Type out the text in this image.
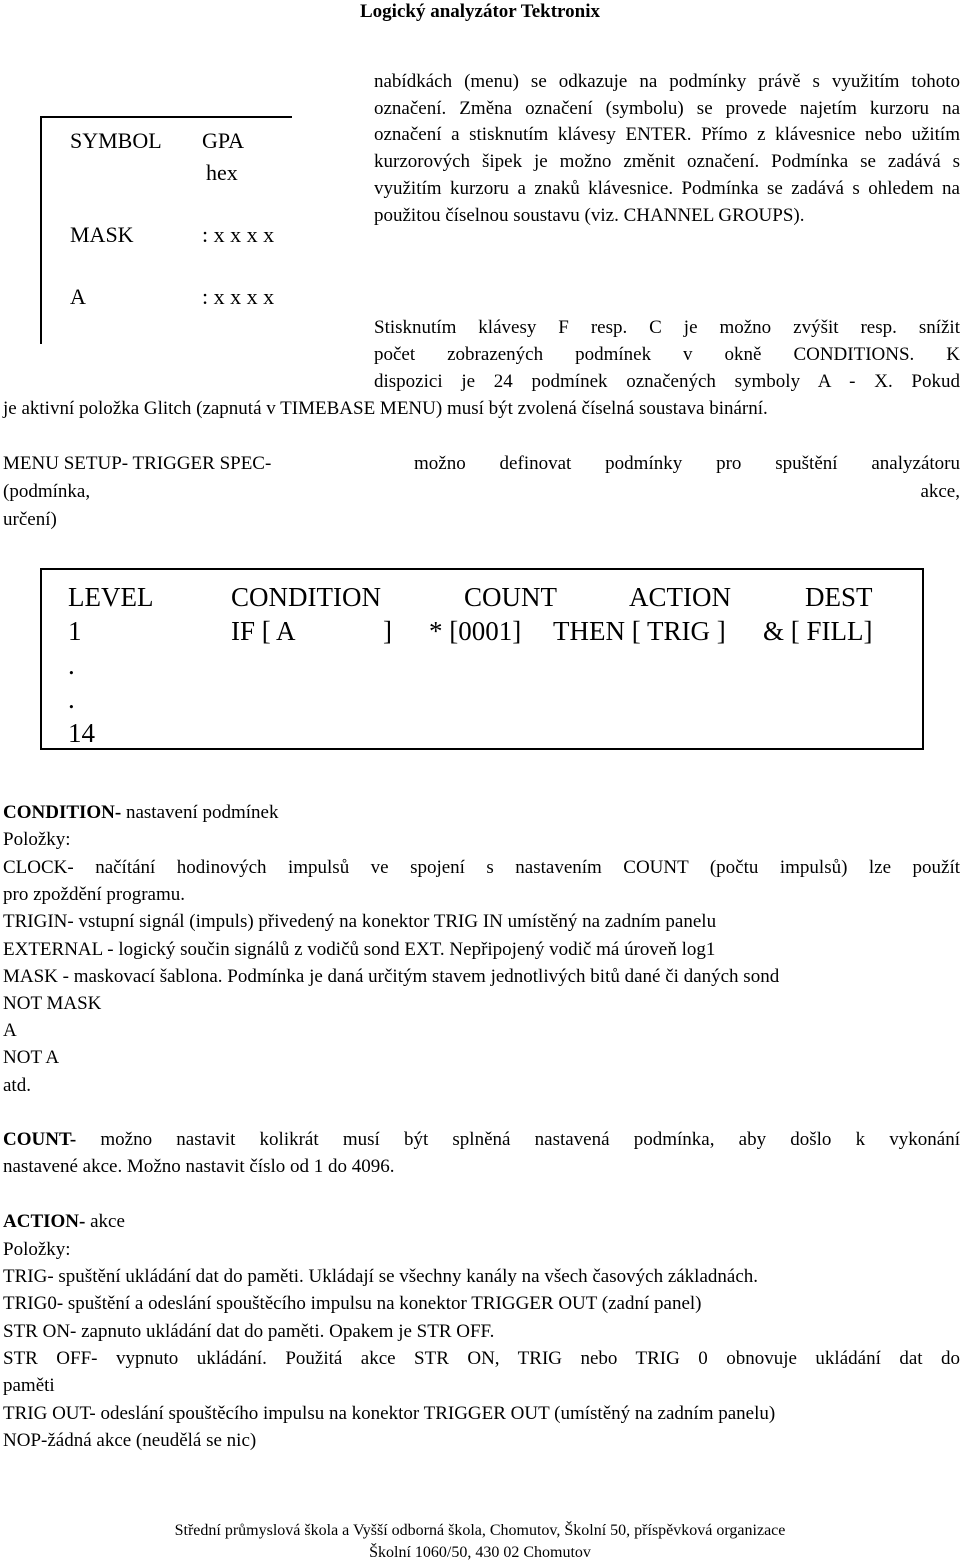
Logický analyzátor Tektronix
SYMBOL GPA
hex
MASK	: x x x x
A	: x x x x
nabídkách (menu) se odkazuje na podmínky právě s využitím tohoto označení. Změna označení (symbolu) se provede najetím kurzoru na označení a stisknutím klávesy ENTER. Přímo z klávesnice nebo užitím kurzorových šipek je možno změnit označení. Podmínka se zadává s využitím kurzoru a znaků klávesnice. Podmínka se zadává s ohledem na použitou číselnou soustavu (viz. CHANNEL GROUPS).
Stisknutím klávesy F resp. C je možno zvýšit resp. snížit
počet zobrazených podmínek v okně CONDITIONS. K
dispozici je 24 podmínek označených symboly A - X. Pokud
je aktivní položka Glitch (zapnutá v TIMEBASE MENU) musí být zvolená číselná soustava binární.
MENU SETUP- TRIGGER SPEC-	možno definovat podmínky pro spuštění analyzátoru
(podmínka,	akce,
určení)
LEVEL	CONDITION	COUNT	ACTION	DEST
1	IF [ A	] * [0001] THEN [ TRIG ] & [ FILL]
.
.
14
CONDITION- nastavení podmínek
Položky:
CLOCK- načítání hodinových impulsů ve spojení s nastavením COUNT (počtu impulsů) lze použít
pro zpoždění programu.
TRIGIN- vstupní signál (impuls) přivedený na konektor TRIG IN umístěný na zadním panelu
EXTERNAL - logický součin signálů z vodičů sond EXT. Nepřipojený vodič má úroveň log1
MASK - maskovací šablona. Podmínka je daná určitým stavem jednotlivých bitů dané či daných sond
NOT MASK
A
NOT A
atd.
COUNT- možno nastavit kolikrát musí být splněná nastavená podmínka, aby došlo k vykonání
nastavené akce. Možno nastavit číslo od 1 do 4096.
ACTION- akce
Položky:
TRIG- spuštění ukládání dat do paměti. Ukládají se všechny kanály na všech časových základnách.
TRIG0- spuštění a odeslání spouštěcího impulsu na konektor TRIGGER OUT (zadní panel)
STR ON- zapnuto ukládání dat do paměti. Opakem je STR OFF.
STR OFF- vypnuto ukládání. Použitá akce STR ON, TRIG nebo TRIG 0 obnovuje ukládání dat do
paměti
TRIG OUT- odeslání spouštěcího impulsu na konektor TRIGGER OUT (umístěný na zadním panelu)
NOP-žádná akce (neudělá se nic)
Střední průmyslová škola a Vyšší odborná škola, Chomutov, Školní 50, příspěvková organizace
Školní 1060/50, 430 02 Chomutov
